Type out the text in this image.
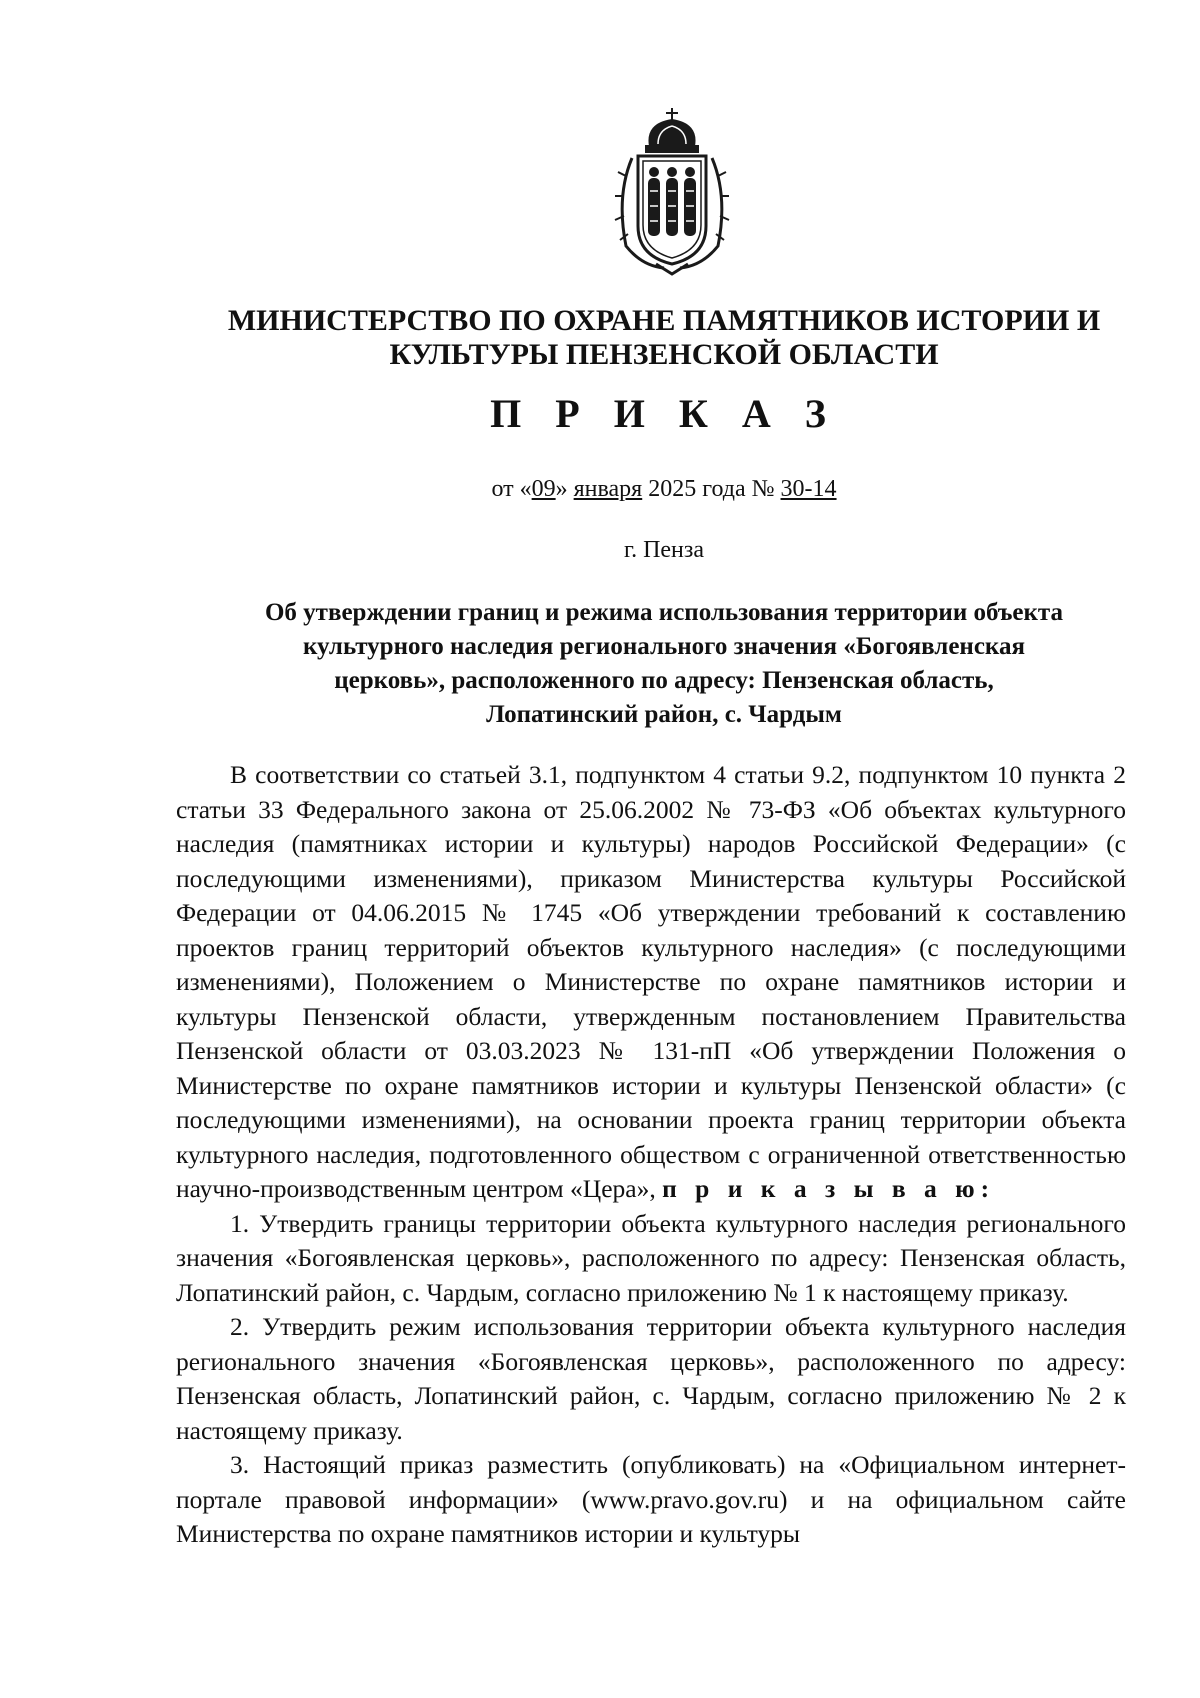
МИНИСТЕРСТВО ПО ОХРАНЕ ПАМЯТНИКОВ ИСТОРИИ И
КУЛЬТУРЫ ПЕНЗЕНСКОЙ ОБЛАСТИ
П Р И К А З
от «09» января 2025 года № 30-14
г. Пенза
Об утверждении границ и режима использования территории объекта
культурного наследия регионального значения «Богоявленская
церковь», расположенного по адресу: Пензенская область,
Лопатинский район, с. Чардым

В соответствии со статьей 3.1, подпунктом 4 статьи 9.2, подпунктом 10 пункта 2 статьи 33 Федерального закона от 25.06.2002 № 73-ФЗ «Об объектах культурного наследия (памятниках истории и культуры) народов Российской Федерации» (с последующими изменениями), приказом Министерства культуры Российской Федерации от 04.06.2015 № 1745 «Об утверждении требований к составлению проектов границ территорий объектов культурного наследия» (с последующими изменениями), Положением о Министерстве по охране памятников истории и культуры Пензенской области, утвержденным постановлением Правительства Пензенской области от 03.03.2023 № 131-пП «Об утверждении Положения о Министерстве по охране памятников истории и культуры Пензенской области» (с последующими изменениями), на основании проекта границ территории объекта культурного наследия, подготовленного обществом с ограниченной ответственностью научно-производственным центром «Цера», п р и к а з ы в а ю:

1. Утвердить границы территории объекта культурного наследия регионального значения «Богоявленская церковь», расположенного по адресу: Пензенская область, Лопатинский район, с. Чардым, согласно приложению № 1 к настоящему приказу.

2. Утвердить режим использования территории объекта культурного наследия регионального значения «Богоявленская церковь», расположенного по адресу: Пензенская область, Лопатинский район, с. Чардым, согласно приложению № 2 к настоящему приказу.

3. Настоящий приказ разместить (опубликовать) на «Официальном интернет-портале правовой информации» (www.pravo.gov.ru) и на официальном сайте Министерства по охране памятников истории и культуры
